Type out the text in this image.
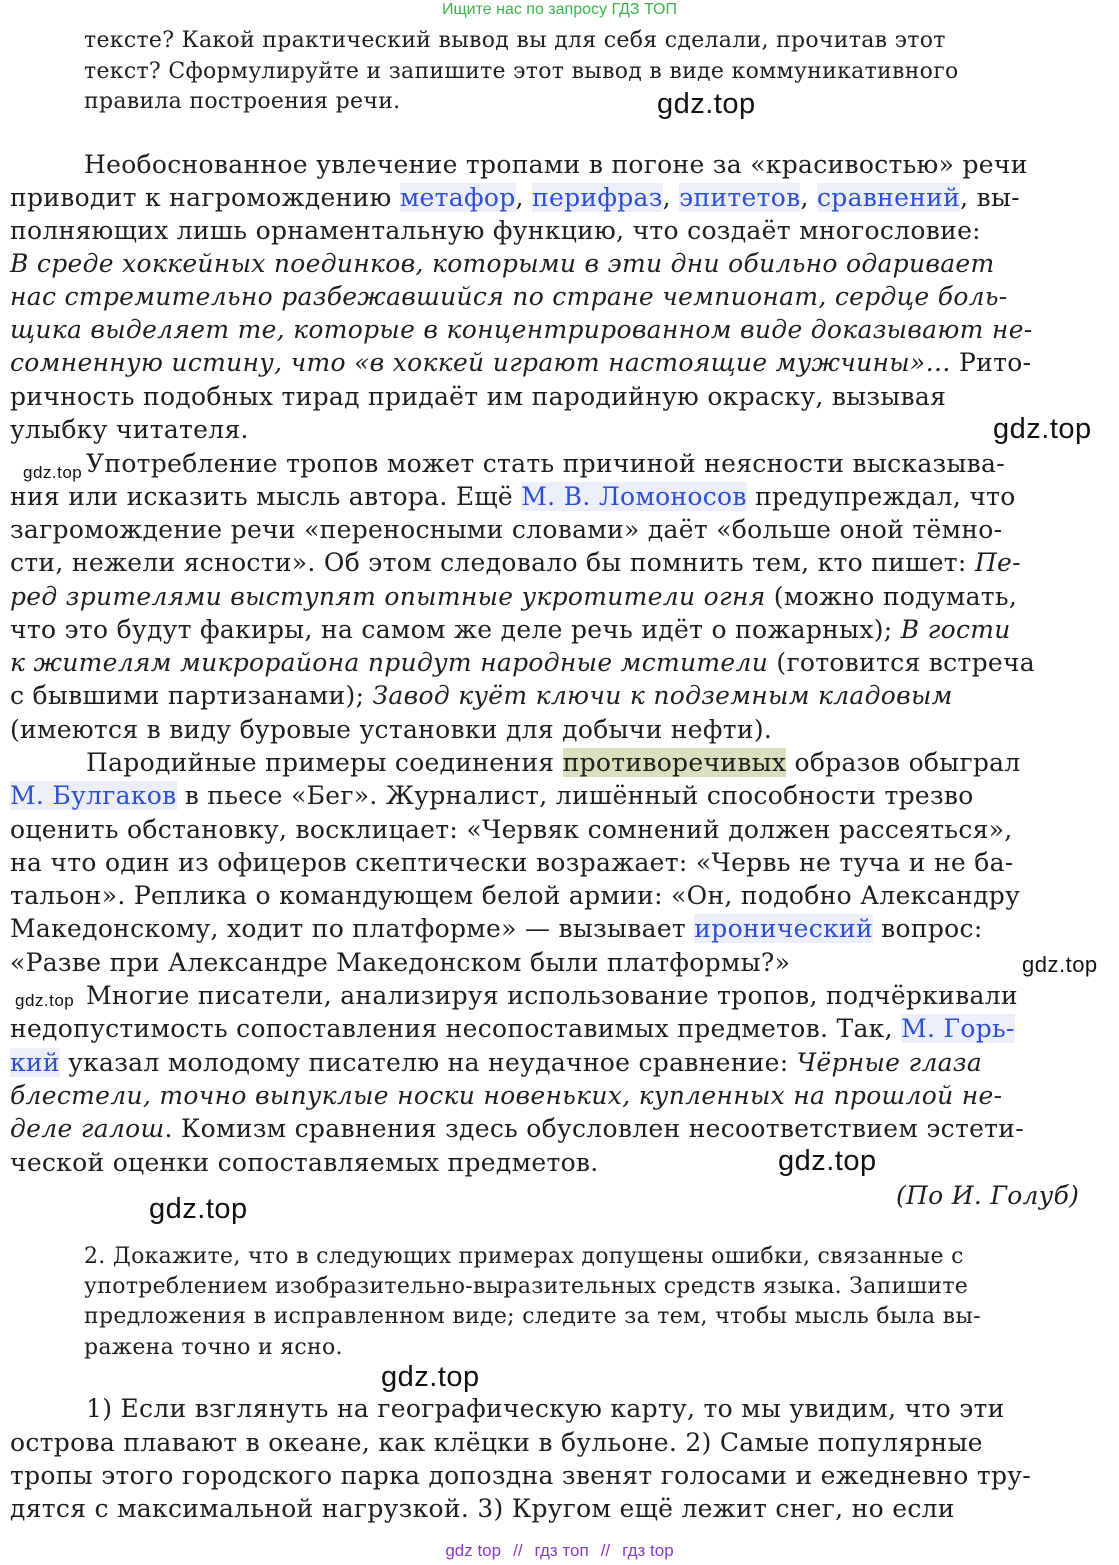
Ищите нас по запросу ГДЗ ТОП
тексте? Какой практический вывод вы для себя сделали, прочитав этот
текст? Сформулируйте и запишите этот вывод в виде коммуникативного
правила построения речи.	gdz.top
Необоснованное увлечение тропами в погоне за «красивостью» речи
приводит к нагромождению метафор, перифраз, эпитетов, сравнений, вы-
полняющих лишь орнаментальную функцию, что создаёт многословие:
В среде хоккейных поединков, которыми в эти дни обильно одаривает
нас стремительно разбежавшийся по стране чемпионат, сердце боль-
щика выделяет те, которые в концентрированном виде доказывают не-
сомненную истину, что «в хоккей играют настоящие мужчины»… Рито-
ричность подобных тирад придаёт им пародийную окраску, вызывая
улыбку читателя.	gdz.top
gdz.top Употребление тропов может стать причиной неясности высказыва-
ния или исказить мысль автора. Ещё М. В. Ломоносов предупреждал, что
загромождение речи «переносными словами» даёт «больше оной тёмно-
сти, нежели ясности». Об этом следовало бы помнить тем, кто пишет: Пе-
ред зрителями выступят опытные укротители огня (можно подумать,
что это будут факиры, на самом же деле речь идёт о пожарных); В гости
к жителям микрорайона придут народные мстители (готовится встреча
с бывшими партизанами); Завод куёт ключи к подземным кладовым
(имеются в виду буровые установки для добычи нефти).
Пародийные примеры соединения противоречивых образов обыграл
М. Булгаков в пьесе «Бег». Журналист, лишённый способности трезво
оценить обстановку, восклицает: «Червяк сомнений должен рассеяться»,
на что один из офицеров скептически возражает: «Червь не туча и не ба-
тальон». Реплика о командующем белой армии: «Он, подобно Александру
Македонскому, ходит по платформе» — вызывает иронический вопрос:
«Разве при Александре Македонском были платформы?»	gdz.top
gdz.top Многие писатели, анализируя использование тропов, подчёркивали
недопустимость сопоставления несопоставимых предметов. Так, М. Горь-
кий указал молодому писателю на неудачное сравнение: Чёрные глаза
блестели, точно выпуклые носки новеньких, купленных на прошлой не-
деле галош. Комизм сравнения здесь обусловлен несоответствием эстети-
ческой оценки сопоставляемых предметов.	gdz.top
(По И. Голуб)
gdz.top
2. Докажите, что в следующих примерах допущены ошибки, связанные с
употреблением изобразительно-выразительных средств языка. Запишите
предложения в исправленном виде; следите за тем, чтобы мысль была вы-
ражена точно и ясно.
gdz.top
1) Если взглянуть на географическую карту, то мы увидим, что эти
острова плавают в океане, как клёцки в бульоне. 2) Самые популярные
тропы этого городского парка допоздна звенят голосами и ежедневно тру-
дятся с максимальной нагрузкой. 3) Кругом ещё лежит снег, но если
gdz top // гдз топ // гдз top
